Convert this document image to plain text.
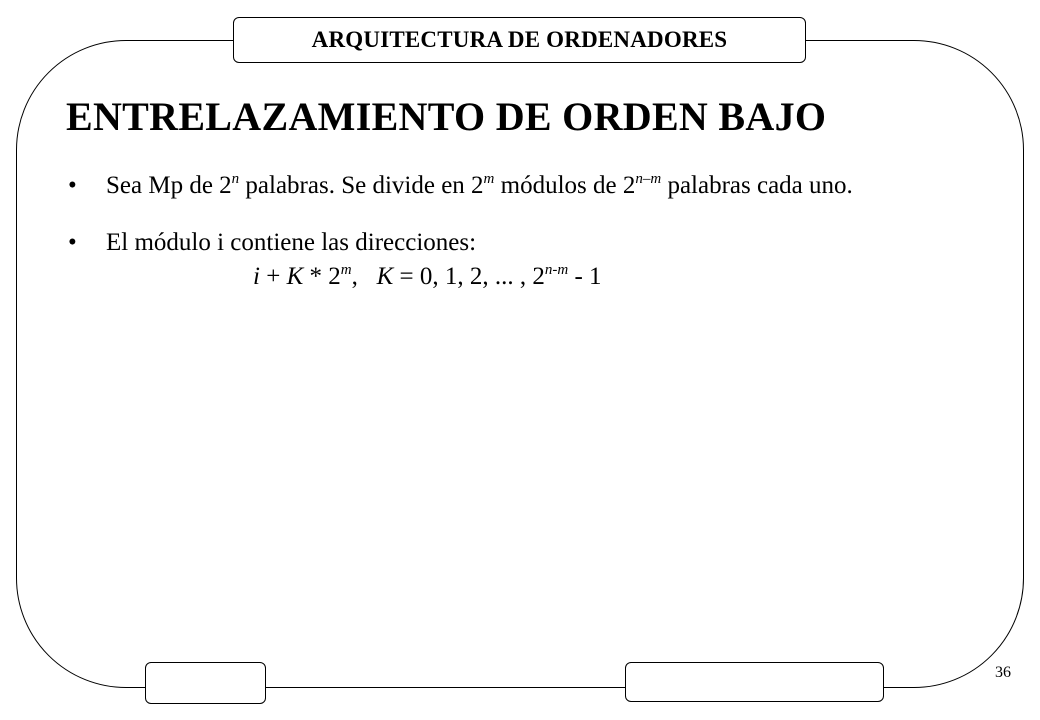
ARQUITECTURA DE ORDENADORES
ENTRELAZAMIENTO DE ORDEN BAJO
• Sea Mp de 2$^n$ palabras. Se divide en 2$^m$ módulos de 2$^{n-m}$ palabras cada uno.
• El módulo i contiene las direcciones:
i + K * 2$^m$,   K = 0, 1, 2, ... , 2$^{n-m}$ - 1
36
